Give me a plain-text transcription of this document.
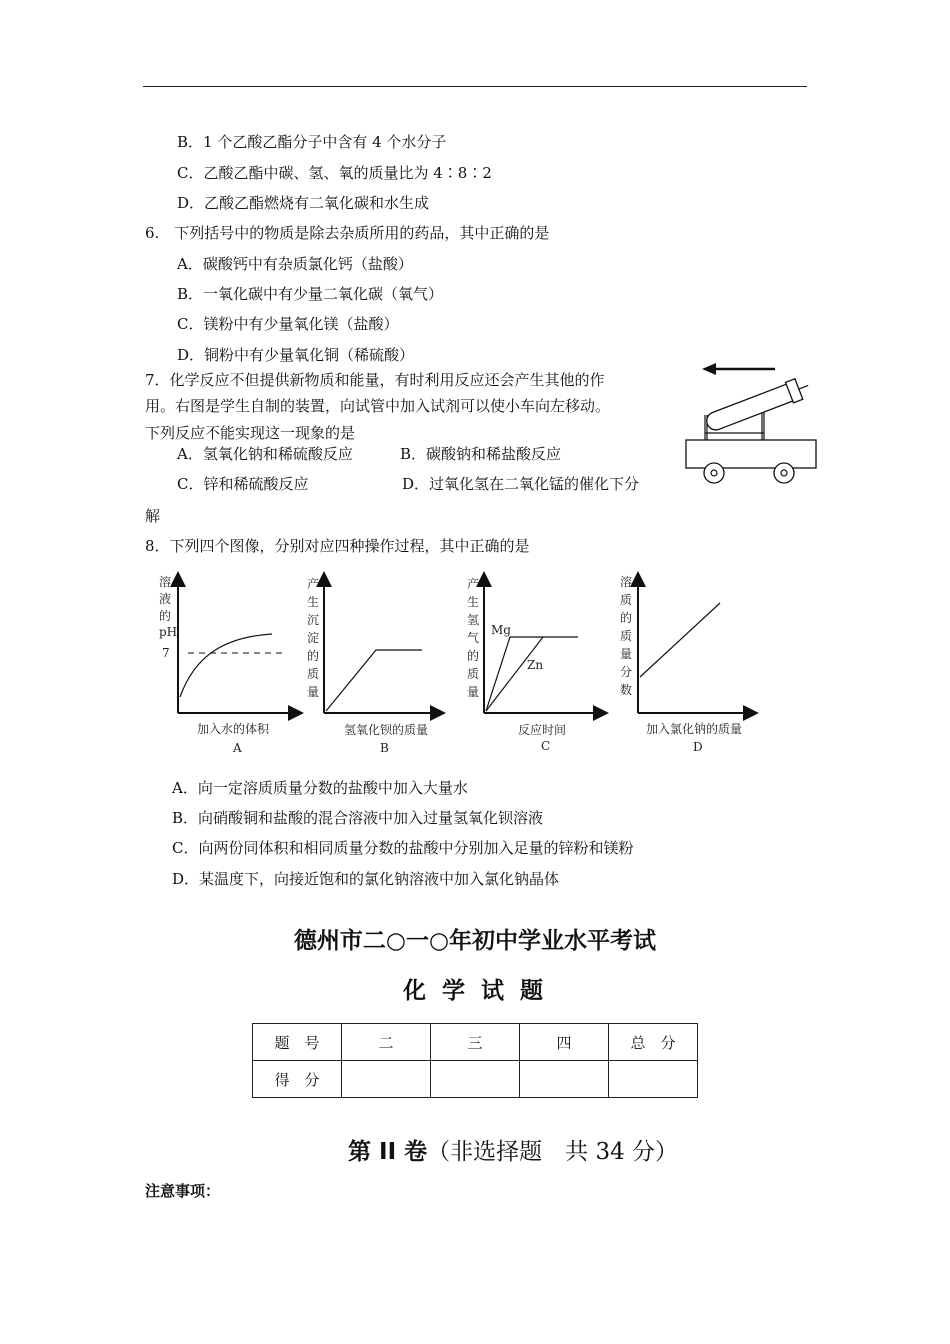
B．1 个乙酸乙酯分子中含有 4 个水分子
C．乙酸乙酯中碳、氢、氧的质量比为 4∶8∶2
D．乙酸乙酯燃烧有二氧化碳和水生成
6.　下列括号中的物质是除去杂质所用的药品，其中正确的是
A．碳酸钙中有杂质氯化钙（盐酸）
B．一氧化碳中有少量二氧化碳（氧气）
C．镁粉中有少量氧化镁（盐酸）
D．铜粉中有少量氧化铜（稀硫酸）
7．化学反应不但提供新物质和能量，有时利用反应还会产生其他的作
用。右图是学生自制的装置，向试管中加入试剂可以使小车向左移动。
下列反应不能实现这一现象的是
A．氢氧化钠和稀硫酸反应	B．碳酸钠和稀盐酸反应
C．锌和稀硫酸反应	D．过氧化氢在二氧化锰的催化下分
解
8．下列四个图像，分别对应四种操作过程，其中正确的是
溶
液
的
pH
7
加入水的体积
A
产
生
沉
淀
的
质
量
氢氧化钡的质量
B
产
生
氢
气
的
质
量
Mg
Zn
反应时间
C
溶
质
的
质
量
分
数
加入氯化钠的质量
D
A．向一定溶质质量分数的盐酸中加入大量水
B．向硝酸铜和盐酸的混合溶液中加入过量氢氧化钡溶液
C．向两份同体积和相同质量分数的盐酸中分别加入足量的锌粉和镁粉
D．某温度下，向接近饱和的氯化钠溶液中加入氯化钠晶体
德州市二○一○年初中学业水平考试
化 学 试 题
题　号	二	三	四	总　分
得　分				
第 II 卷（非选择题　共 34 分）
注意事项：
